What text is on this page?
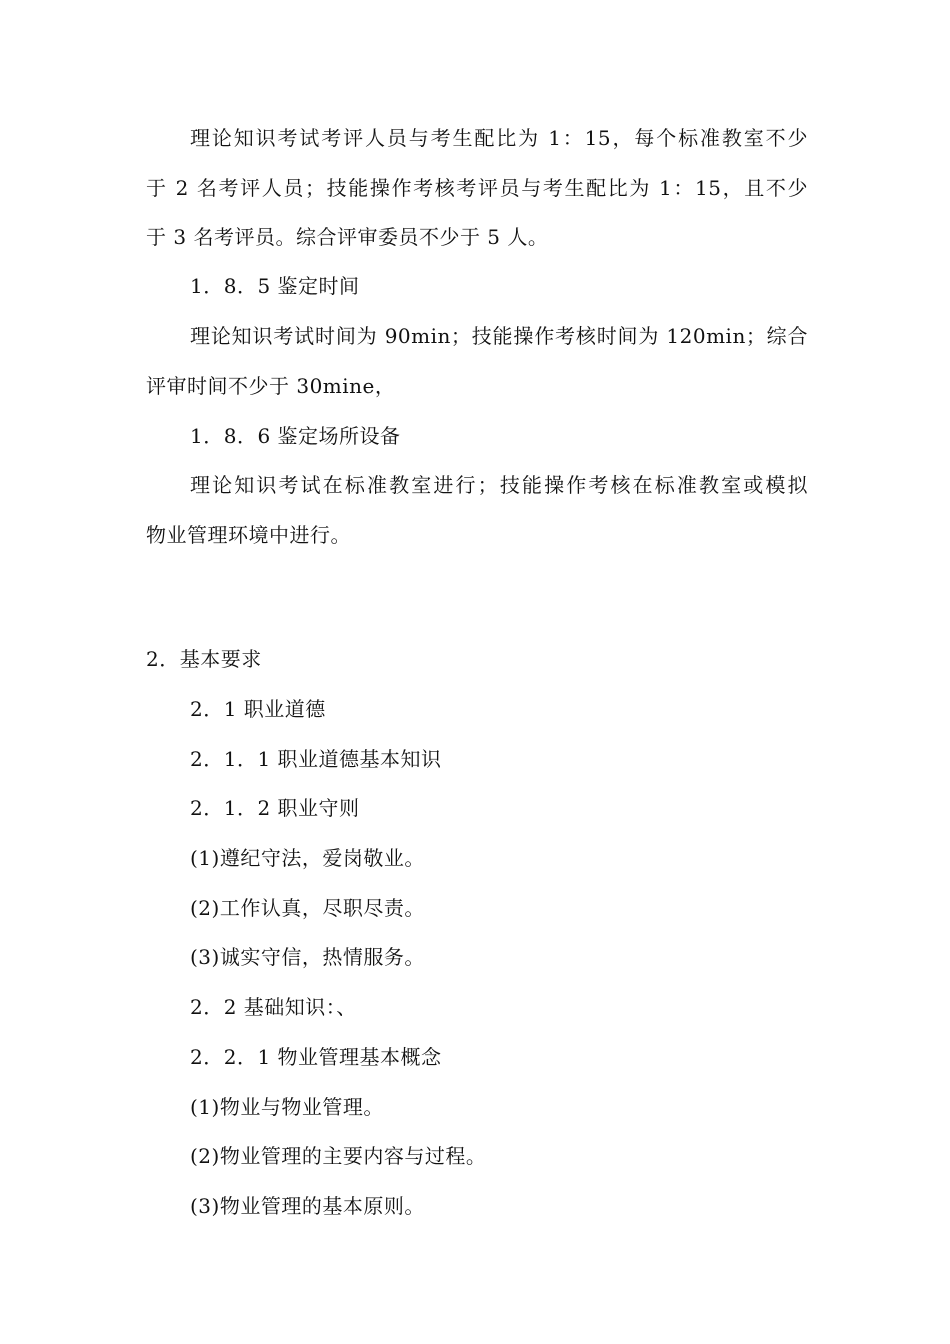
理论知识考试考评人员与考生配比为 1：15，每个标准教室不少
于 2 名考评人员；技能操作考核考评员与考生配比为 1：15，且不少
于 3 名考评员。综合评审委员不少于 5 人。
1．8．5 鉴定时间
理论知识考试时间为 90min；技能操作考核时间为 120min；综合
评审时间不少于 30mine，
1．8．6 鉴定场所设备
理论知识考试在标准教室进行；技能操作考核在标准教室或模拟
物业管理环境中进行。
2．基本要求
2．1 职业道德
2．1．1 职业道德基本知识
2．1．2 职业守则
(1)遵纪守法，爱岗敬业。
(2)工作认真，尽职尽责。
(3)诚实守信，热情服务。
2．2 基础知识：、
2．2．1 物业管理基本概念
(1)物业与物业管理。
(2)物业管理的主要内容与过程。
(3)物业管理的基本原则。
